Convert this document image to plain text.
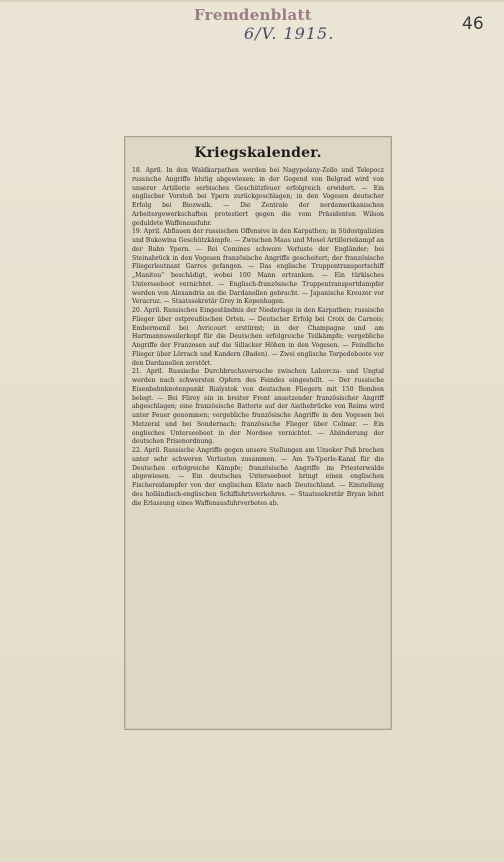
Fremdenblatt
6/V. 1915.	46
Kriegskalender.

18. April. In den Waldkarpathen werden bei Nagypolany-Zello und Telepocz russische Angriffe blutig abgewiesen; in der Gegend von Belgrad wird von unserer Artillerie serbisches Geschützfeuer erfolgreich erwidert. — Ein englischer Vorstoß bei Ypern zurückgeschlagen; in den Vogesen deutscher Erfolg bei Biozwalk. — Die Zentrale der nordamerikanischen Arbeitergewerkschaften protestiert gegen die vom Präsidenten Wilson geduldete Waffenausfuhr.

19. April. Abflauen der russischen Offensive in den Karpathen; in Südostgalizien und Bukowina Geschützkämpfe. — Zwischen Maas und Mosel Artilleriekampf an der Bahn Ypern. — Bei Comines schwere Verluste der Engländer; bei Steinabrück in den Vogesen französische Angriffe gescheitert; der französische Fliegerleutnant Garros gefangen. — Das englische Truppentransportschiff „Manitou“ beschädigt, wobei 100 Mann ertranken. — Ein türkisches Unterseeboot vernichtet. — Englisch-französische Truppentransportdampfer werden von Alexandria an die Dardanellen gebracht. — Japanische Kreuzer vor Veracruz. — Staatssekretär Grey in Kopenhagen.

20. April. Russisches Eingeständnis der Niederlage in den Karpathen; russische Flieger über ostpreußischen Orten. — Deutscher Erfolg bei Croix de Carnois; Embermenil bei Avricourt erstürmt; in der Champagne und am Hartmannsweilerkopf für die Deutschen erfolgreiche Teilkämpfe; vergebliche Angriffe der Franzosen auf die Sillacker Höhen in den Vogesen. — Feindliche Flieger über Lörrach und Kandern (Baden). — Zwei englische Torpedoboote vor den Dardanellen zerstört.

21. April. Russische Durchbruchsversuche zwischen Laborcza- und Ungtal werden nach schwersten Opfern des Feindes eingestellt. — Der russische Eisenbahnknotenpunkt Bialystok von deutschen Fliegern mit 150 Bomben belegt. — Bei Flirey ein in breiter Front ansetzender französischer Angriff abgeschlagen; eine französische Batterie auf der Aisthebrücke von Reims wird unter Feuer genommen; vergebliche französische Angriffe in den Vogesen bei Metzeral und bei Sondernach; französische Flieger über Colmar. — Ein englisches Unterseeboot in der Nordsee vernichtet. — Abänderung der deutschen Prisenordnung.

22. April. Russische Angriffe gegen unsere Stellungen am Uzsoker Paß brechen unter sehr schweren Verlusten zusammen. — Am Ys-Yperle-Kanal für die Deutschen erfolgreiche Kämpfe; französische Angriffe im Priesterwalde abgewiesen. — Ein deutsches Unterseeboot bringt einen englischen Fischereidampfer von der englischen Küste nach Deutschland. — Einstellung des holländisch-englischen Schiffahrtsverkehres. — Staatssekretär Bryan lehnt die Erlassung eines Waffenausfuhrverbotes ab.
